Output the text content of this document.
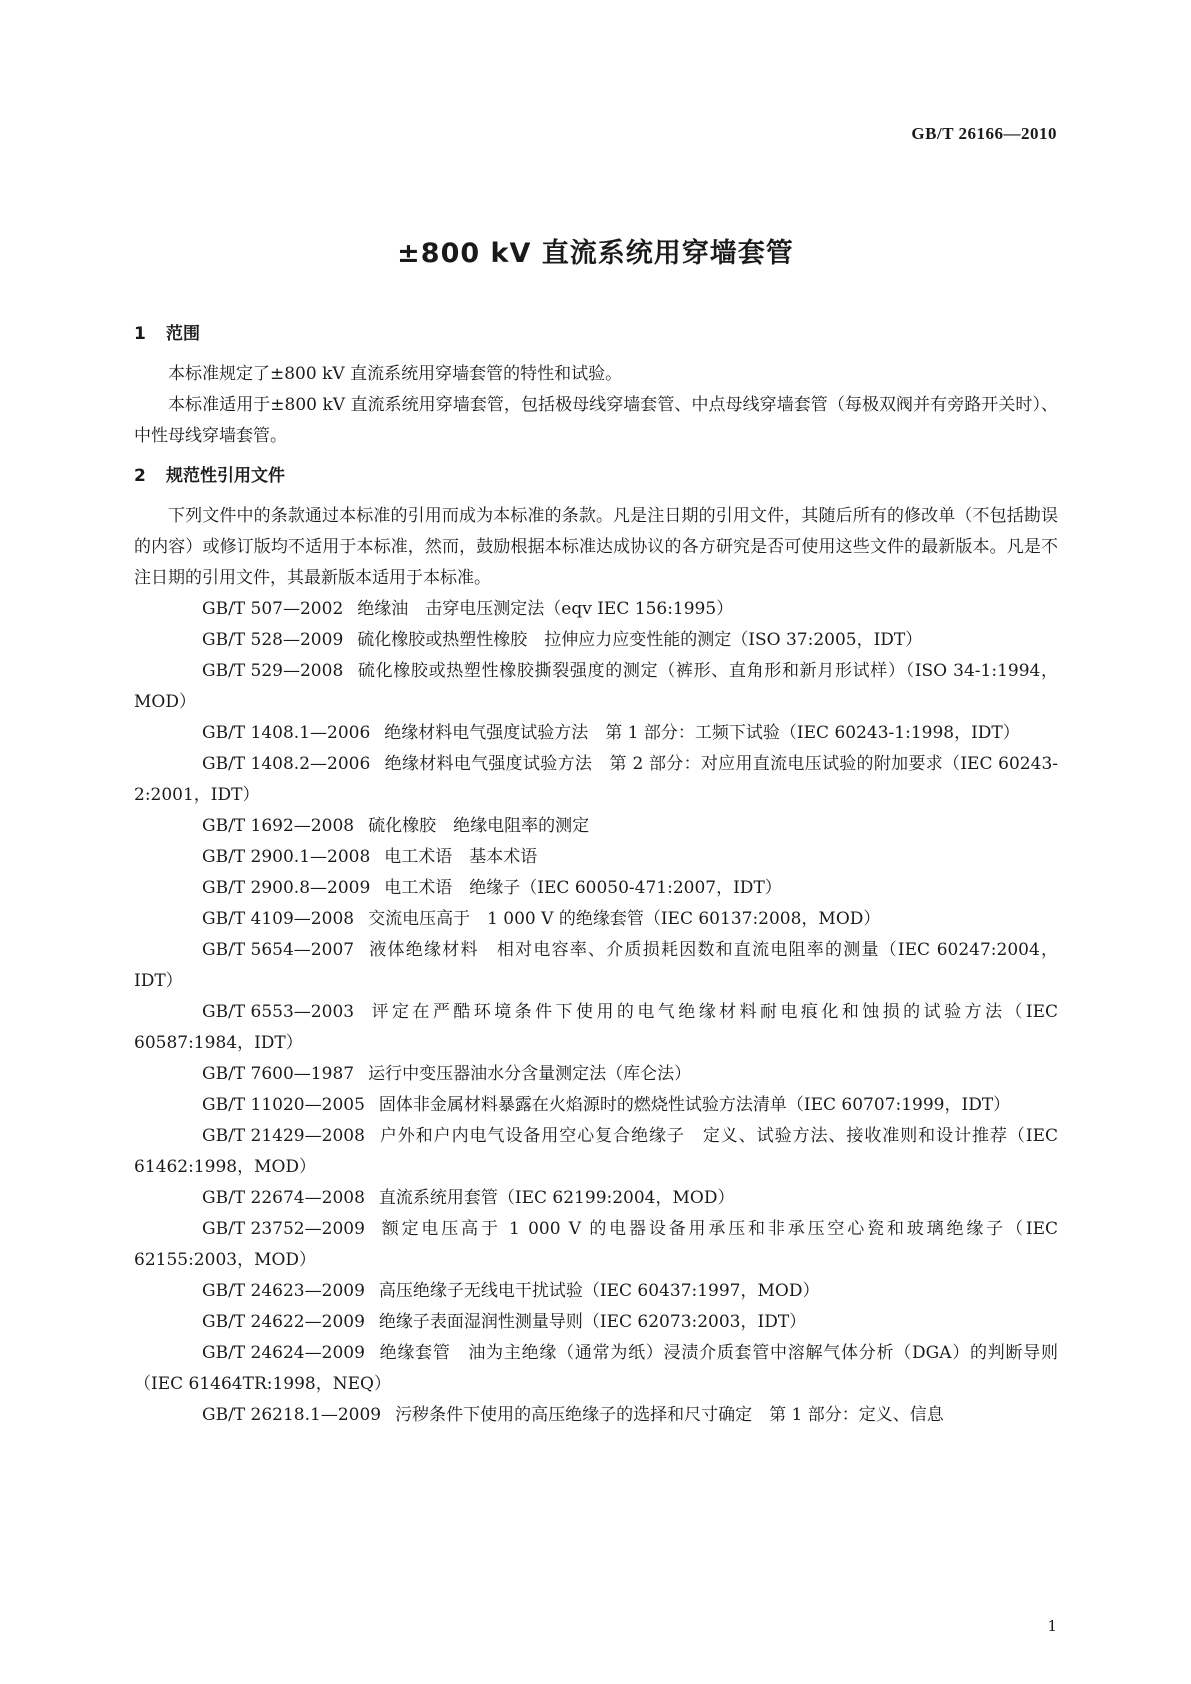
GB/T 26166—2010
±800 kV 直流系统用穿墙套管
1 范围

本标准规定了±800 kV 直流系统用穿墙套管的特性和试验。

本标准适用于±800 kV 直流系统用穿墙套管，包括极母线穿墙套管、中点母线穿墙套管（每极双阀并有旁路开关时）、中性母线穿墙套管。

2 规范性引用文件

下列文件中的条款通过本标准的引用而成为本标准的条款。凡是注日期的引用文件，其随后所有的修改单（不包括勘误的内容）或修订版均不适用于本标准，然而，鼓励根据本标准达成协议的各方研究是否可使用这些文件的最新版本。凡是不注日期的引用文件，其最新版本适用于本标准。

GB/T 507—2002 绝缘油　击穿电压测定法（eqv IEC 156:1995）
GB/T 528—2009 硫化橡胶或热塑性橡胶　拉伸应力应变性能的测定（ISO 37:2005，IDT）
GB/T 529—2008 硫化橡胶或热塑性橡胶撕裂强度的测定（裤形、直角形和新月形试样）（ISO 34-1:1994，MOD）
GB/T 1408.1—2006 绝缘材料电气强度试验方法　第 1 部分：工频下试验（IEC 60243-1:1998，IDT）
GB/T 1408.2—2006 绝缘材料电气强度试验方法　第 2 部分：对应用直流电压试验的附加要求（IEC 60243-2:2001，IDT）
GB/T 1692—2008 硫化橡胶　绝缘电阻率的测定
GB/T 2900.1—2008 电工术语　基本术语
GB/T 2900.8—2009 电工术语　绝缘子（IEC 60050-471:2007，IDT）
GB/T 4109—2008 交流电压高于　1 000 V 的绝缘套管（IEC 60137:2008，MOD）
GB/T 5654—2007 液体绝缘材料　相对电容率、介质损耗因数和直流电阻率的测量（IEC 60247:2004，IDT）
GB/T 6553—2003 评定在严酷环境条件下使用的电气绝缘材料耐电痕化和蚀损的试验方法（IEC 60587:1984，IDT）
GB/T 7600—1987 运行中变压器油水分含量测定法（库仑法）
GB/T 11020—2005 固体非金属材料暴露在火焰源时的燃烧性试验方法清单（IEC 60707:1999，IDT）
GB/T 21429—2008 户外和户内电气设备用空心复合绝缘子　定义、试验方法、接收准则和设计推荐（IEC 61462:1998，MOD）
GB/T 22674—2008 直流系统用套管（IEC 62199:2004，MOD）
GB/T 23752—2009 额定电压高于 1 000 V 的电器设备用承压和非承压空心瓷和玻璃绝缘子（IEC 62155:2003，MOD）
GB/T 24623—2009 高压绝缘子无线电干扰试验（IEC 60437:1997，MOD）
GB/T 24622—2009 绝缘子表面湿润性测量导则（IEC 62073:2003，IDT）
GB/T 24624—2009 绝缘套管　油为主绝缘（通常为纸）浸渍介质套管中溶解气体分析（DGA）的判断导则（IEC 61464TR:1998，NEQ）
GB/T 26218.1—2009 污秽条件下使用的高压绝缘子的选择和尺寸确定　第 1 部分：定义、信息
1
